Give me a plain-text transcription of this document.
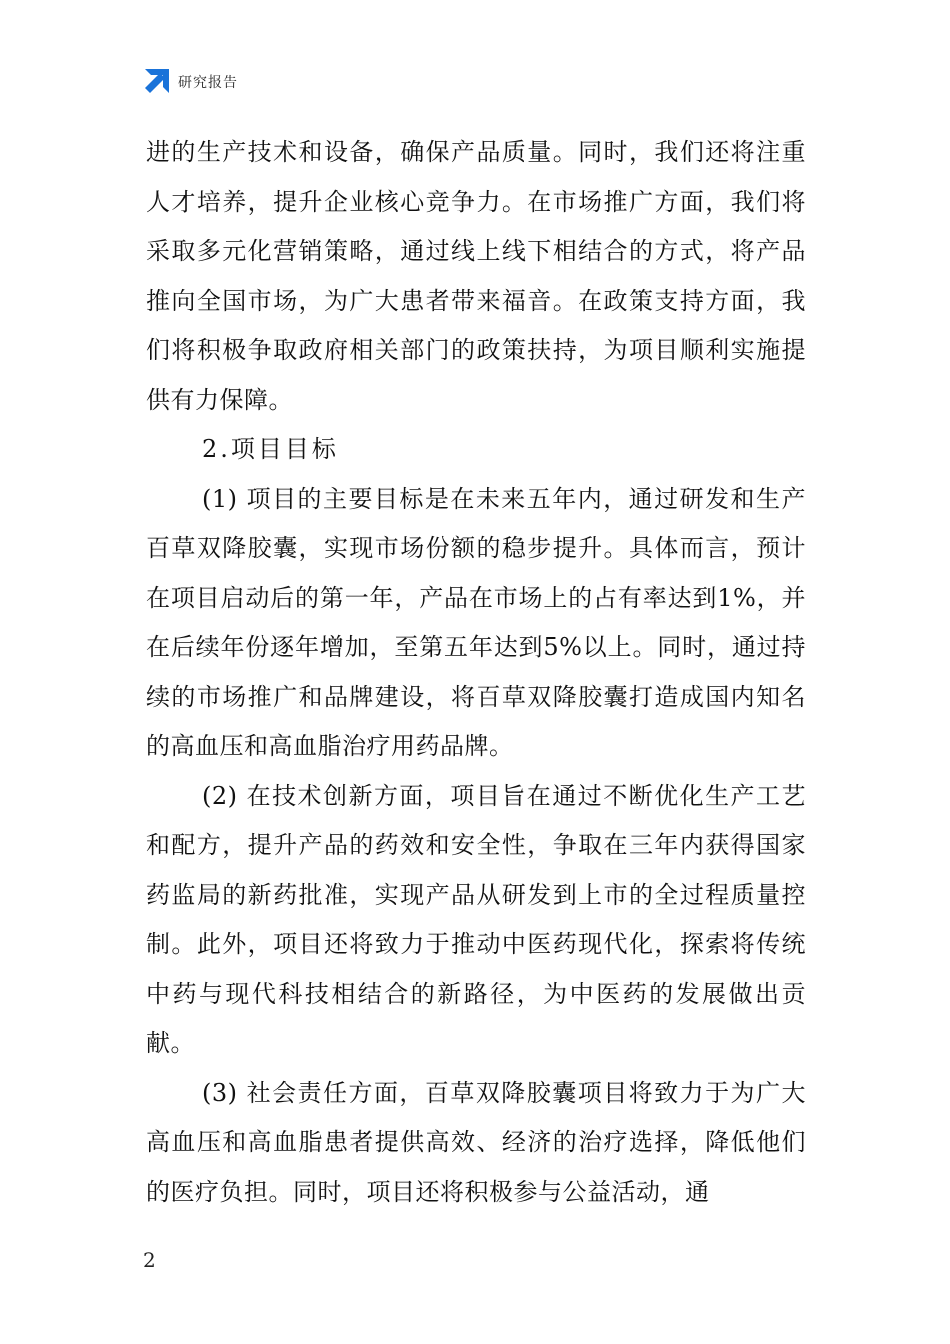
研究报告

进的生产技术和设备，确保产品质量。同时，我们还将注重人才培养，提升企业核心竞争力。在市场推广方面，我们将采取多元化营销策略，通过线上线下相结合的方式，将产品推向全国市场，为广大患者带来福音。在政策支持方面，我们将积极争取政府相关部门的政策扶持，为项目顺利实施提供有力保障。

2.项目目标

(1) 项目的主要目标是在未来五年内，通过研发和生产百草双降胶囊，实现市场份额的稳步提升。具体而言，预计在项目启动后的第一年，产品在市场上的占有率达到1%，并在后续年份逐年增加，至第五年达到5%以上。同时，通过持续的市场推广和品牌建设，将百草双降胶囊打造成国内知名的高血压和高血脂治疗用药品牌。

(2) 在技术创新方面，项目旨在通过不断优化生产工艺和配方，提升产品的药效和安全性，争取在三年内获得国家药监局的新药批准，实现产品从研发到上市的全过程质量控制。此外，项目还将致力于推动中医药现代化，探索将传统中药与现代科技相结合的新路径，为中医药的发展做出贡献。

(3) 社会责任方面，百草双降胶囊项目将致力于为广大高血压和高血脂患者提供高效、经济的治疗选择，降低他们的医疗负担。同时，项目还将积极参与公益活动，通

2
